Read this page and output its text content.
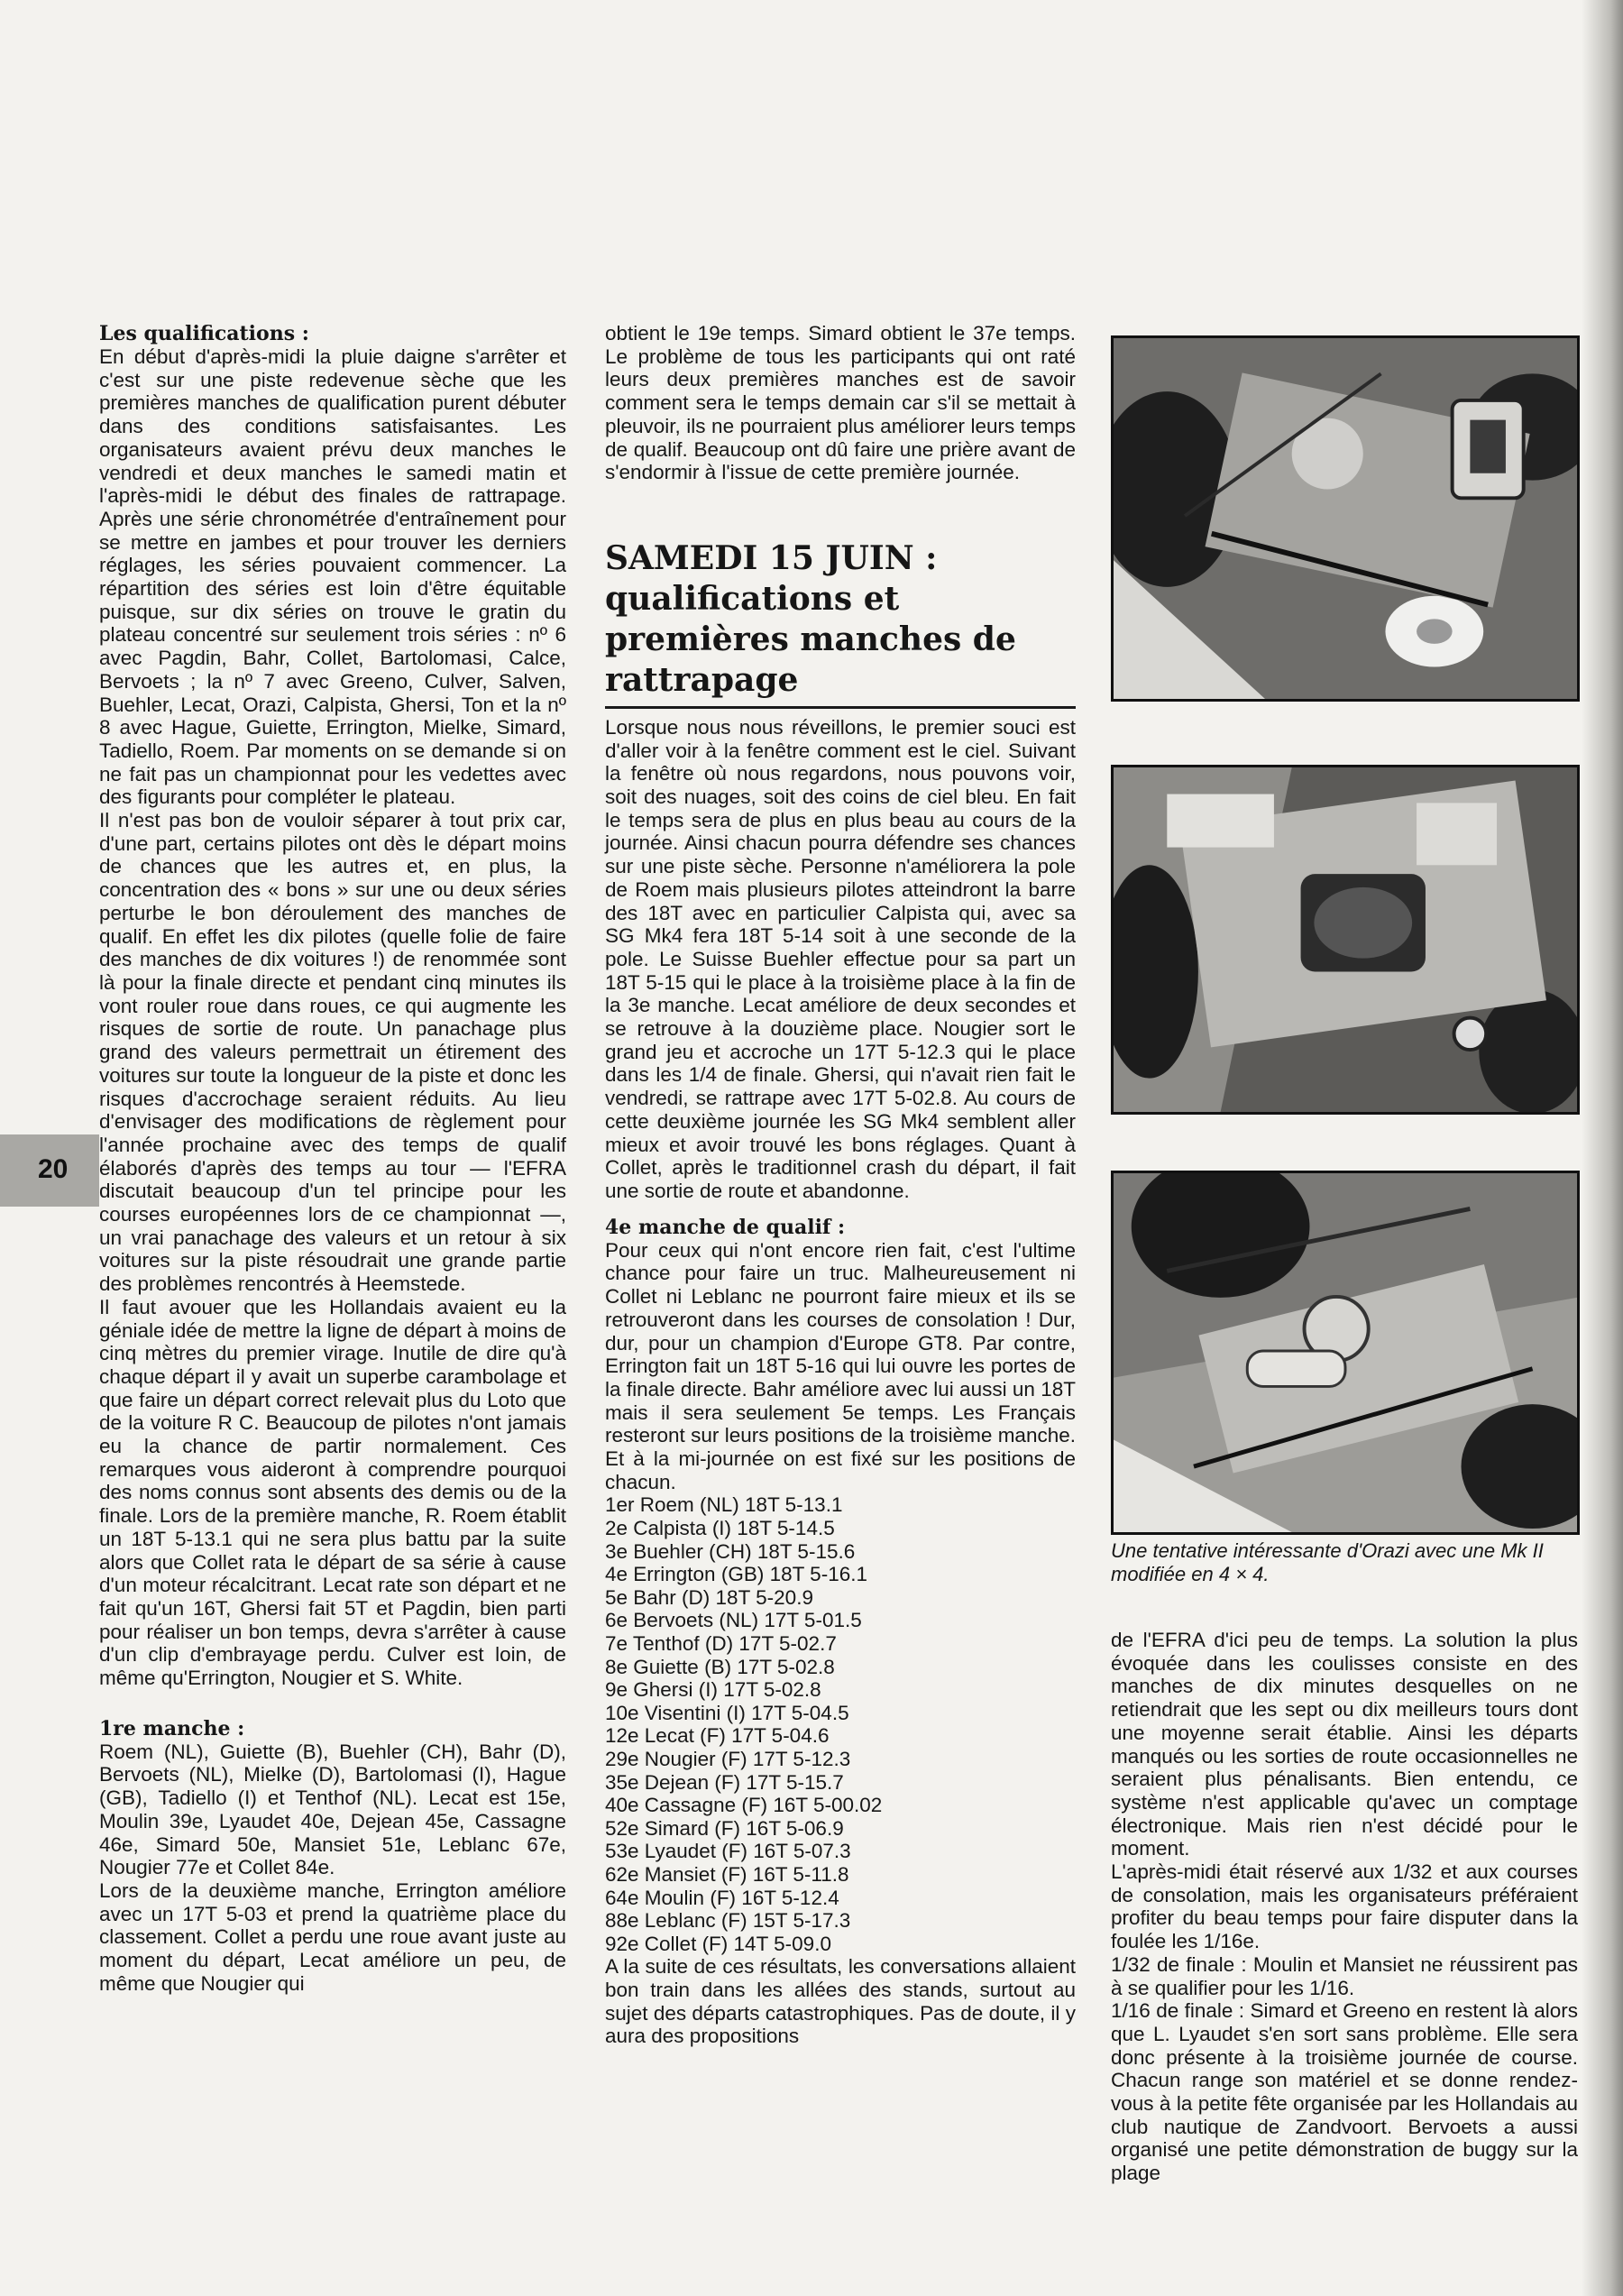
20

Les qualifications :

En début d'après-midi la pluie daigne s'arrêter et c'est sur une piste redevenue sèche que les premières manches de qualification purent débuter dans des conditions satisfaisantes. Les organisateurs avaient prévu deux manches le vendredi et deux manches le samedi matin et l'après-midi le début des finales de rattrapage. Après une série chronométrée d'entraînement pour se mettre en jambes et pour trouver les derniers réglages, les séries pouvaient commencer. La répartition des séries est loin d'être équitable puisque, sur dix séries on trouve le gratin du plateau concentré sur seulement trois séries : nº 6 avec Pagdin, Bahr, Collet, Bartolomasi, Calce, Bervoets ; la nº 7 avec Greeno, Culver, Salven, Buehler, Lecat, Orazi, Calpista, Ghersi, Ton et la nº 8 avec Hague, Guiette, Errington, Mielke, Simard, Tadiello, Roem. Par moments on se demande si on ne fait pas un championnat pour les vedettes avec des figurants pour compléter le plateau.

Il n'est pas bon de vouloir séparer à tout prix car, d'une part, certains pilotes ont dès le départ moins de chances que les autres et, en plus, la concentration des « bons » sur une ou deux séries perturbe le bon déroulement des manches de qualif. En effet les dix pilotes (quelle folie de faire des manches de dix voitures !) de renommée sont là pour la finale directe et pendant cinq minutes ils vont rouler roue dans roues, ce qui augmente les risques de sortie de route. Un panachage plus grand des valeurs permettrait un étirement des voitures sur toute la longueur de la piste et donc les risques d'accrochage seraient réduits. Au lieu d'envisager des modifications de règlement pour l'année prochaine avec des temps de qualif élaborés d'après des temps au tour — l'EFRA discutait beaucoup d'un tel principe pour les courses européennes lors de ce championnat —, un vrai panachage des valeurs et un retour à six voitures sur la piste résoudrait une grande partie des problèmes rencontrés à Heemstede.

Il faut avouer que les Hollandais avaient eu la géniale idée de mettre la ligne de départ à moins de cinq mètres du premier virage. Inutile de dire qu'à chaque départ il y avait un superbe carambolage et que faire un départ correct relevait plus du Loto que de la voiture R C. Beaucoup de pilotes n'ont jamais eu la chance de partir normalement. Ces remarques vous aideront à comprendre pourquoi des noms connus sont absents des demis ou de la finale. Lors de la première manche, R. Roem établit un 18T 5-13.1 qui ne sera plus battu par la suite alors que Collet rata le départ de sa série à cause d'un moteur récalcitrant. Lecat rate son départ et ne fait qu'un 16T, Ghersi fait 5T et Pagdin, bien parti pour réaliser un bon temps, devra s'arrêter à cause d'un clip d'embrayage perdu. Culver est loin, de même qu'Errington, Nougier et S. White.

1re manche :

Roem (NL), Guiette (B), Buehler (CH), Bahr (D), Bervoets (NL), Mielke (D), Bartolomasi (I), Hague (GB), Tadiello (I) et Tenthof (NL). Lecat est 15e, Moulin 39e, Lyaudet 40e, Dejean 45e, Cassagne 46e, Simard 50e, Mansiet 51e, Leblanc 67e, Nougier 77e et Collet 84e.

Lors de la deuxième manche, Errington améliore avec un 17T 5-03 et prend la quatrième place du classement. Collet a perdu une roue avant juste au moment du départ, Lecat améliore un peu, de même que Nougier qui

obtient le 19e temps. Simard obtient le 37e temps. Le problème de tous les participants qui ont raté leurs deux premières manches est de savoir comment sera le temps demain car s'il se mettait à pleuvoir, ils ne pourraient plus améliorer leurs temps de qualif. Beaucoup ont dû faire une prière avant de s'endormir à l'issue de cette première journée.

SAMEDI 15 JUIN : qualifications et premières manches de rattrapage

Lorsque nous nous réveillons, le premier souci est d'aller voir à la fenêtre comment est le ciel. Suivant la fenêtre où nous regardons, nous pouvons voir, soit des nuages, soit des coins de ciel bleu. En fait le temps sera de plus en plus beau au cours de la journée. Ainsi chacun pourra défendre ses chances sur une piste sèche. Personne n'améliorera la pole de Roem mais plusieurs pilotes atteindront la barre des 18T avec en particulier Calpista qui, avec sa SG Mk4 fera 18T 5-14 soit à une seconde de la pole. Le Suisse Buehler effectue pour sa part un 18T 5-15 qui le place à la troisième place à la fin de la 3e manche. Lecat améliore de deux secondes et se retrouve à la douzième place. Nougier sort le grand jeu et accroche un 17T 5-12.3 qui le place dans les 1/4 de finale. Ghersi, qui n'avait rien fait le vendredi, se rattrape avec 17T 5-02.8. Au cours de cette deuxième journée les SG Mk4 semblent aller mieux et avoir trouvé les bons réglages. Quant à Collet, après le traditionnel crash du départ, il fait une sortie de route et abandonne.

4e manche de qualif :

Pour ceux qui n'ont encore rien fait, c'est l'ultime chance pour faire un truc. Malheureusement ni Collet ni Leblanc ne pourront faire mieux et ils se retrouveront dans les courses de consolation ! Dur, dur, pour un champion d'Europe GT8. Par contre, Errington fait un 18T 5-16 qui lui ouvre les portes de la finale directe. Bahr améliore avec lui aussi un 18T mais il sera seulement 5e temps. Les Français resteront sur leurs positions de la troisième manche. Et à la mi-journée on est fixé sur les positions de chacun.

1er Roem (NL) 18T 5-13.1

2e Calpista (I) 18T 5-14.5

3e Buehler (CH) 18T 5-15.6

4e Errington (GB) 18T 5-16.1

5e Bahr (D) 18T 5-20.9

6e Bervoets (NL) 17T 5-01.5

7e Tenthof (D) 17T 5-02.7

8e Guiette (B) 17T 5-02.8

9e Ghersi (I) 17T 5-02.8

10e Visentini (I) 17T 5-04.5

12e Lecat (F) 17T 5-04.6

29e Nougier (F) 17T 5-12.3

35e Dejean (F) 17T 5-15.7

40e Cassagne (F) 16T 5-00.02

52e Simard (F) 16T 5-06.9

53e Lyaudet (F) 16T 5-07.3

62e Mansiet (F) 16T 5-11.8

64e Moulin (F) 16T 5-12.4

88e Leblanc (F) 15T 5-17.3

92e Collet (F) 14T 5-09.0

A la suite de ces résultats, les conversations allaient bon train dans les allées des stands, surtout au sujet des départs catastrophiques. Pas de doute, il y aura des propositions

Une tentative intéressante d'Orazi avec une Mk II modifiée en 4 × 4.

de l'EFRA d'ici peu de temps. La solution la plus évoquée dans les coulisses consiste en des manches de dix minutes desquelles on ne retiendrait que les sept ou dix meilleurs tours dont une moyenne serait établie. Ainsi les départs manqués ou les sorties de route occasionnelles ne seraient plus pénalisants. Bien entendu, ce système n'est applicable qu'avec un comptage électronique. Mais rien n'est décidé pour le moment.

L'après-midi était réservé aux 1/32 et aux courses de consolation, mais les organisateurs préféraient profiter du beau temps pour faire disputer dans la foulée les 1/16e.

1/32 de finale : Moulin et Mansiet ne réussirent pas à se qualifier pour les 1/16.

1/16 de finale : Simard et Greeno en restent là alors que L. Lyaudet s'en sort sans problème. Elle sera donc présente à la troisième journée de course. Chacun range son matériel et se donne rendez-vous à la petite fête organisée par les Hollandais au club nautique de Zandvoort. Bervoets a aussi organisé une petite démonstration de buggy sur la plage
